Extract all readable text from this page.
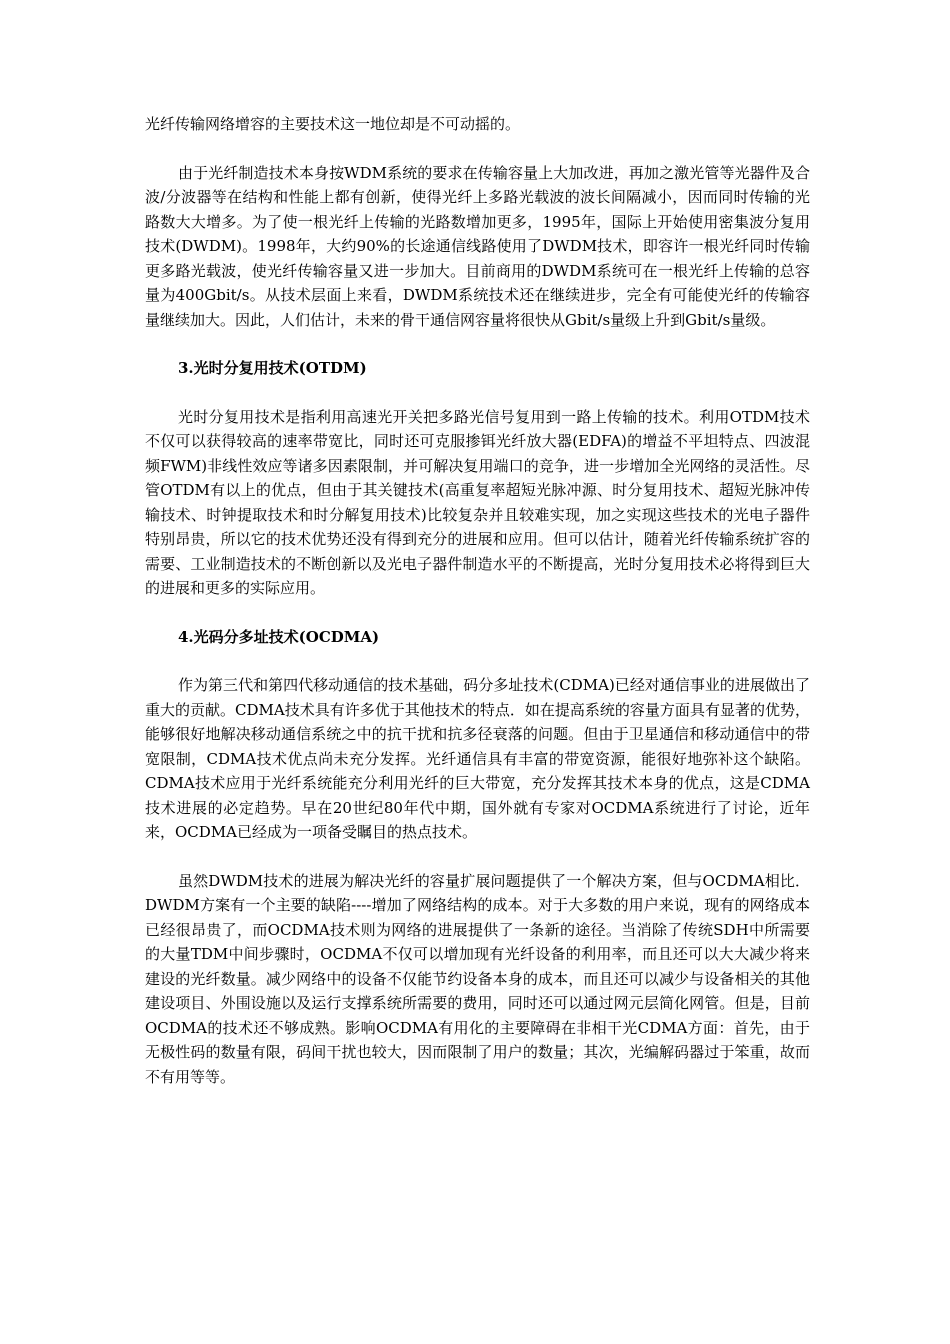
光纤传输网络增容的主要技术这一地位却是不可动摇的。

由于光纤制造技术本身按WDM系统的要求在传输容量上大加改进，再加之激光管等光器件及合波/分波器等在结构和性能上都有创新，使得光纤上多路光载波的波长间隔减小，因而同时传输的光路数大大增多。为了使一根光纤上传输的光路数增加更多，1995年，国际上开始使用密集波分复用技术(DWDM)。1998年，大约90%的长途通信线路使用了DWDM技术，即容许一根光纤同时传输更多路光载波，使光纤传输容量又进一步加大。目前商用的DWDM系统可在一根光纤上传输的总容量为400Gbit/s。从技术层面上来看，DWDM系统技术还在继续进步，完全有可能使光纤的传输容量继续加大。因此，人们估计，未来的骨干通信网容量将很快从Gbit/s量级上升到Gbit/s量级。

3.光时分复用技术(OTDM)

光时分复用技术是指利用高速光开关把多路光信号复用到一路上传输的技术。利用OTDM技术不仅可以获得较高的速率带宽比，同时还可克服掺铒光纤放大器(EDFA)的增益不平坦特点、四波混频FWM)非线性效应等诸多因素限制，并可解决复用端口的竞争，进一步增加全光网络的灵活性。尽管OTDM有以上的优点，但由于其关键技术(高重复率超短光脉冲源、时分复用技术、超短光脉冲传输技术、时钟提取技术和时分解复用技术)比较复杂并且较难实现，加之实现这些技术的光电子器件特别昂贵，所以它的技术优势还没有得到充分的进展和应用。但可以估计，随着光纤传输系统扩容的需要、工业制造技术的不断创新以及光电子器件制造水平的不断提高，光时分复用技术必将得到巨大的进展和更多的实际应用。

4.光码分多址技术(OCDMA)

作为第三代和第四代移动通信的技术基础，码分多址技术(CDMA)已经对通信事业的进展做出了重大的贡献。CDMA技术具有许多优于其他技术的特点．如在提高系统的容量方面具有显著的优势，能够很好地解决移动通信系统之中的抗干扰和抗多径衰落的问题。但由于卫星通信和移动通信中的带宽限制，CDMA技术优点尚未充分发挥。光纤通信具有丰富的带宽资源，能很好地弥补这个缺陷。CDMA技术应用于光纤系统能充分利用光纤的巨大带宽，充分发挥其技术本身的优点，这是CDMA技术进展的必定趋势。早在20世纪80年代中期，国外就有专家对OCDMA系统进行了讨论，近年来，OCDMA已经成为一项备受瞩目的热点技术。

虽然DWDM技术的进展为解决光纤的容量扩展问题提供了一个解决方案，但与OCDMA相比．DWDM方案有一个主要的缺陷----增加了网络结构的成本。对于大多数的用户来说，现有的网络成本已经很昂贵了，而OCDMA技术则为网络的进展提供了一条新的途径。当消除了传统SDH中所需要的大量TDM中间步骤时，OCDMA不仅可以增加现有光纤设备的利用率，而且还可以大大减少将来建设的光纤数量。减少网络中的设备不仅能节约设备本身的成本，而且还可以减少与设备相关的其他建设项目、外围设施以及运行支撑系统所需要的费用，同时还可以通过网元层简化网管。但是，目前OCDMA的技术还不够成熟。影响OCDMA有用化的主要障碍在非相干光CDMA方面：首先，由于无极性码的数量有限，码间干扰也较大，因而限制了用户的数量；其次，光编解码器过于笨重，故而不有用等等。
